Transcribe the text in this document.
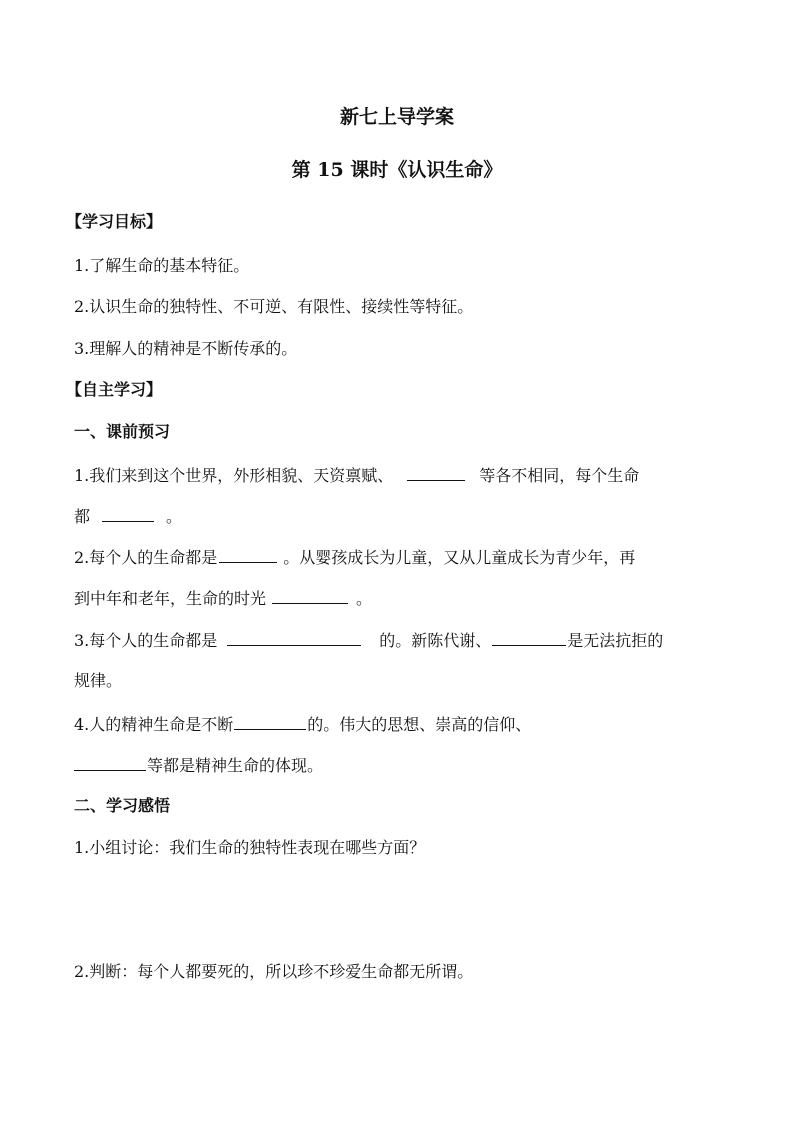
新七上导学案
第 15 课时《认识生命》
【学习目标】
1.了解生命的基本特征。
2.认识生命的独特性、不可逆、有限性、接续性等特征。
3.理解人的精神是不断传承的。
【自主学习】
一、课前预习
1.我们来到这个世界，外形相貌、天资禀赋、	等各不相同，每个生命
都	。
2.每个人的生命都是	。从婴孩成长为儿童，又从儿童成长为青少年，再
到中年和老年，生命的时光	。
3.每个人的生命都是	的。新陈代谢、	是无法抗拒的
规律。
4.人的精神生命是不断	的。伟大的思想、崇高的信仰、
等都是精神生命的体现。
二、学习感悟
1.小组讨论：我们生命的独特性表现在哪些方面？
2.判断：每个人都要死的，所以珍不珍爱生命都无所谓。
